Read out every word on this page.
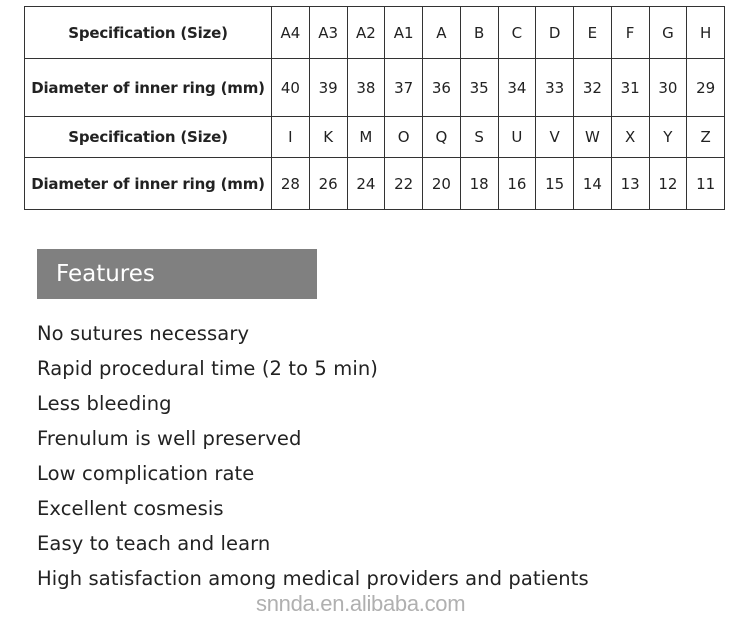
Specification (Size)	A4	A3	A2	A1	A	B	C	D	E	F	G	H
Diameter of inner ring (mm)	40	39	38	37	36	35	34	33	32	31	30	29
Specification (Size)	I	K	M	O	Q	S	U	V	W	X	Y	Z
Diameter of inner ring (mm)	28	26	24	22	20	18	16	15	14	13	12	11
Features
No sutures necessary
Rapid procedural time (2 to 5 min)
Less bleeding
Frenulum is well preserved
Low complication rate
Excellent cosmesis
Easy to teach and learn
High satisfaction among medical providers and patients
snnda.en.alibaba.com
